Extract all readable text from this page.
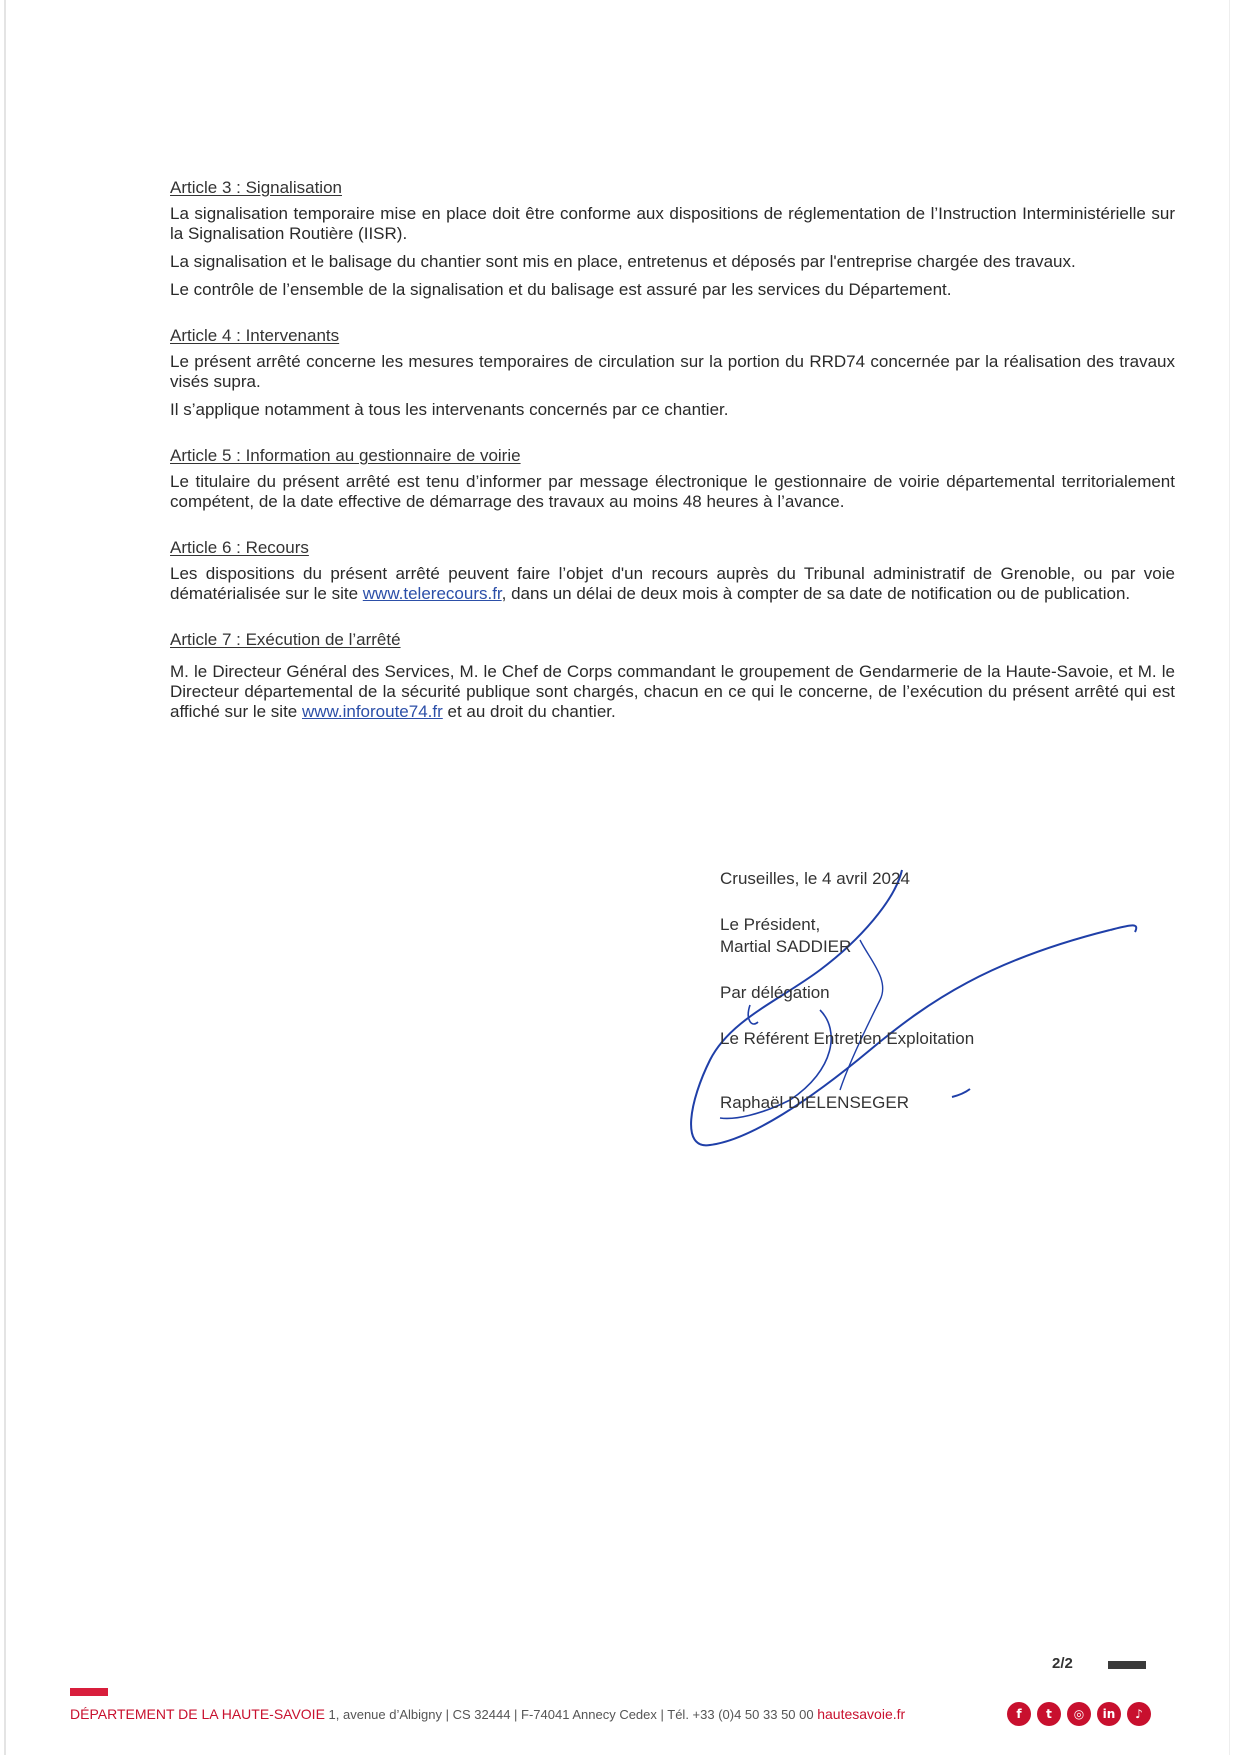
Article 3 : Signalisation

La signalisation temporaire mise en place doit être conforme aux dispositions de réglementation de l’Instruction Interministérielle sur la Signalisation Routière (IISR).

La signalisation et le balisage du chantier sont mis en place, entretenus et déposés par l'entreprise chargée des travaux.

Le contrôle de l’ensemble de la signalisation et du balisage est assuré par les services du Département.

Article 4 : Intervenants

Le présent arrêté concerne les mesures temporaires de circulation sur la portion du RRD74 concernée par la réalisation des travaux visés supra.

Il s’applique notamment à tous les intervenants concernés par ce chantier.

Article 5 : Information au gestionnaire de voirie

Le titulaire du présent arrêté est tenu d’informer par message électronique le gestionnaire de voirie départemental territorialement compétent, de la date effective de démarrage des travaux au moins 48 heures à l’avance.

Article 6 : Recours

Les dispositions du présent arrêté peuvent faire l’objet d'un recours auprès du Tribunal administratif de Grenoble, ou par voie dématérialisée sur le site www.telerecours.fr, dans un délai de deux mois à compter de sa date de notification ou de publication.

Article 7 : Exécution de l’arrêté

M. le Directeur Général des Services, M. le Chef de Corps commandant le groupement de Gendarmerie de la Haute-Savoie, et M. le Directeur départemental de la sécurité publique sont chargés, chacun en ce qui le concerne, de l’exécution du présent arrêté qui est affiché sur le site www.inforoute74.fr et au droit du chantier.

Cruseilles, le 4 avril 2024

Le Président,

Martial SADDIER

Par délégation

Le Référent Entretien Exploitation

Raphaël DIELENSEGER

2/2
DÉPARTEMENT DE LA HAUTE-SAVOIE 1, avenue d’Albigny | CS 32444 | F-74041 Annecy Cedex | Tél. +33 (0)4 50 33 50 00 hautesavoie.fr	f	t	◎	in	♪
